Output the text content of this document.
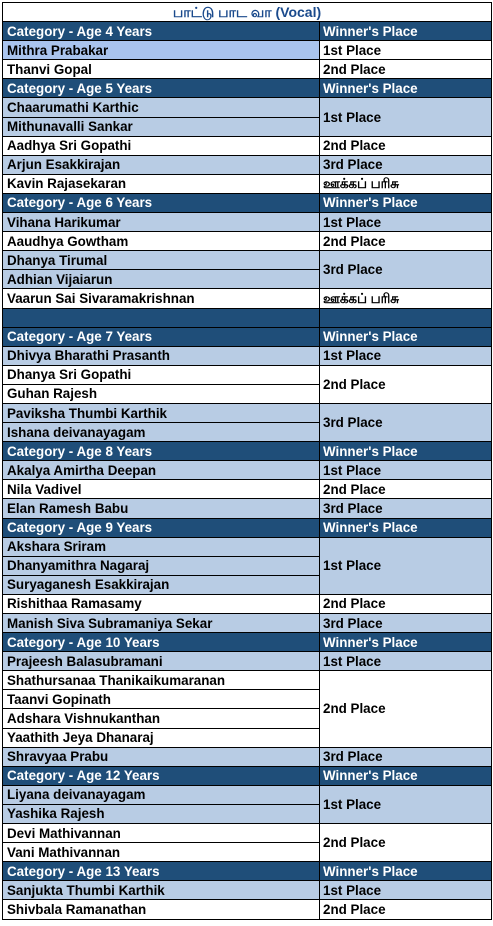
பாட்டு பாட வா (Vocal)	
Category - Age 4 Years	Winner's Place
Mithra Prabakar	1st Place
Thanvi Gopal	2nd Place
Category - Age 5 Years	Winner's Place
Chaarumathi Karthic	1st Place
Mithunavalli Sankar	
Aadhya Sri Gopathi	2nd Place
Arjun Esakkirajan	3rd Place
Kavin Rajasekaran	ஊக்கப் பரிசு
Category - Age 6 Years	Winner's Place
Vihana Harikumar	1st Place
Aaudhya Gowtham	2nd Place
Dhanya Tirumal	3rd Place
Adhian Vijaiarun	
Vaarun Sai Sivaramakrishnan	ஊக்கப் பரிசு

Category - Age 7 Years	Winner's Place
Dhivya Bharathi Prasanth	1st Place
Dhanya Sri Gopathi	2nd Place
Guhan Rajesh	
Paviksha Thumbi Karthik	3rd Place
Ishana deivanayagam	
Category - Age 8 Years	Winner's Place
Akalya Amirtha Deepan	1st Place
Nila Vadivel	2nd Place
Elan Ramesh Babu	3rd Place
Category - Age 9 Years	Winner's Place
Akshara Sriram	1st Place
Dhanyamithra Nagaraj	
Suryaganesh Esakkirajan	
Rishithaa Ramasamy	2nd Place
Manish Siva Subramaniya Sekar	3rd Place
Category - Age 10 Years	Winner's Place
Prajeesh Balasubramani	1st Place
Shathursanaa Thanikaikumaranan	2nd Place
Taanvi Gopinath	
Adshara Vishnukanthan	
Yaathith Jeya Dhanaraj	
Shravyaa Prabu	3rd Place
Category - Age 12 Years	Winner's Place
Liyana deivanayagam	1st Place
Yashika Rajesh	
Devi Mathivannan	2nd Place
Vani Mathivannan	
Category - Age 13 Years	Winner's Place
Sanjukta Thumbi Karthik	1st Place
Shivbala Ramanathan	2nd Place
